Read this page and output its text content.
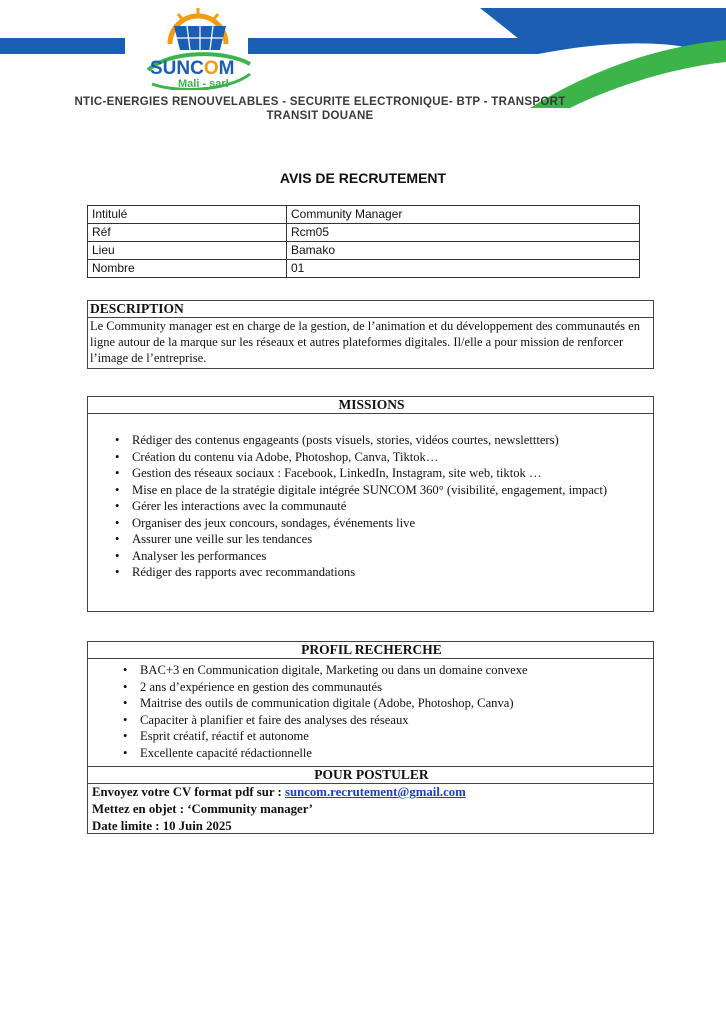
SUNCOM
Mali - sarl
NTIC-ENERGIES RENOUVELABLES - SECURITE ELECTRONIQUE- BTP - TRANSPORT
TRANSIT DOUANE
AVIS DE RECRUTEMENT
Intitulé	Community Manager
Réf	Rcm05
Lieu	Bamako
Nombre	01
DESCRIPTION
Le Community manager est en charge de la gestion, de l’animation et du développement des communautés en ligne autour de la marque sur les réseaux et autres plateformes digitales. Il/elle a pour mission de renforcer l’image de l’entreprise.
MISSIONS
• Rédiger des contenus engageants (posts visuels, stories, vidéos courtes, newslettters)
• Création du contenu via Adobe, Photoshop, Canva, Tiktok…
• Gestion des réseaux sociaux : Facebook, LinkedIn, Instagram, site web, tiktok …
• Mise en place de la stratégie digitale intégrée SUNCOM 360° (visibilité, engagement, impact)
• Gérer les interactions avec la communauté
• Organiser des jeux concours, sondages, événements live
• Assurer une veille sur les tendances
• Analyser les performances
• Rédiger des rapports avec recommandations
PROFIL RECHERCHE
• BAC+3 en Communication digitale, Marketing ou dans un domaine convexe
• 2 ans d’expérience en gestion des communautés
• Maitrise des outils de communication digitale (Adobe, Photoshop, Canva)
• Capaciter à planifier et faire des analyses des réseaux
• Esprit créatif, réactif et autonome
• Excellente capacité rédactionnelle
POUR POSTULER
Envoyez votre CV format pdf sur : suncom.recrutement@gmail.com
Mettez en objet : ‘Community manager’
Date limite : 10 Juin 2025
